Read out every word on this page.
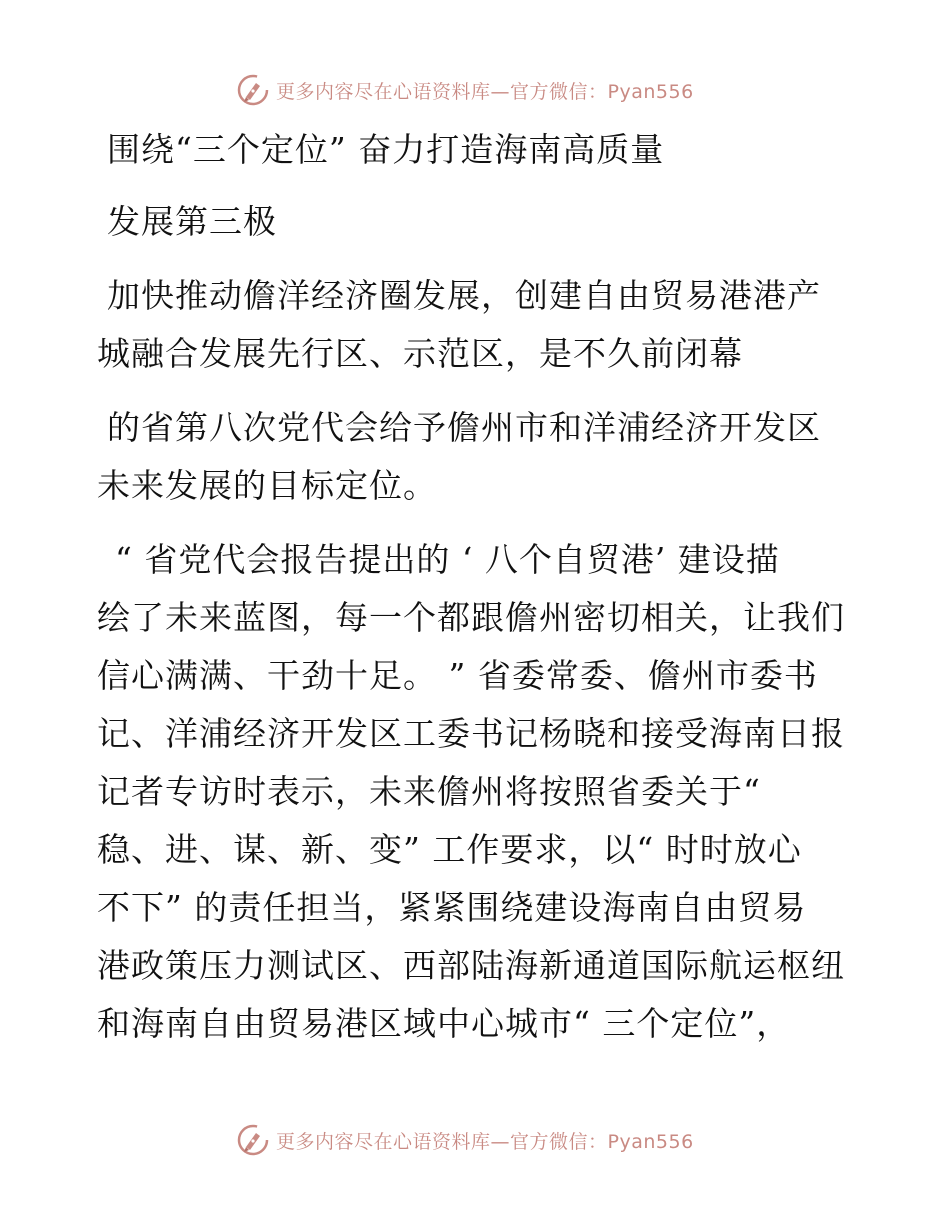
更多内容尽在心语资料库—官方微信：Pyan556
围绕“三个定位” 奋力打造海南高质量
发展第三极
加快推动儋洋经济圈发展，创建自由贸易港港产
城融合发展先行区、示范区，是不久前闭幕
的省第八次党代会给予儋州市和洋浦经济开发区
未来发展的目标定位。
“ 省党代会报告提出的 ‘ 八个自贸港’ 建设描
绘了未来蓝图，每一个都跟儋州密切相关，让我们
信心满满、干劲十足。 ” 省委常委、儋州市委书
记、洋浦经济开发区工委书记杨晓和接受海南日报
记者专访时表示，未来儋州将按照省委关于“
稳、进、谋、新、变” 工作要求，以“ 时时放心
不下” 的责任担当，紧紧围绕建设海南自由贸易
港政策压力测试区、西部陆海新通道国际航运枢纽
和海南自由贸易港区域中心城市“ 三个定位”，
更多内容尽在心语资料库—官方微信：Pyan556
